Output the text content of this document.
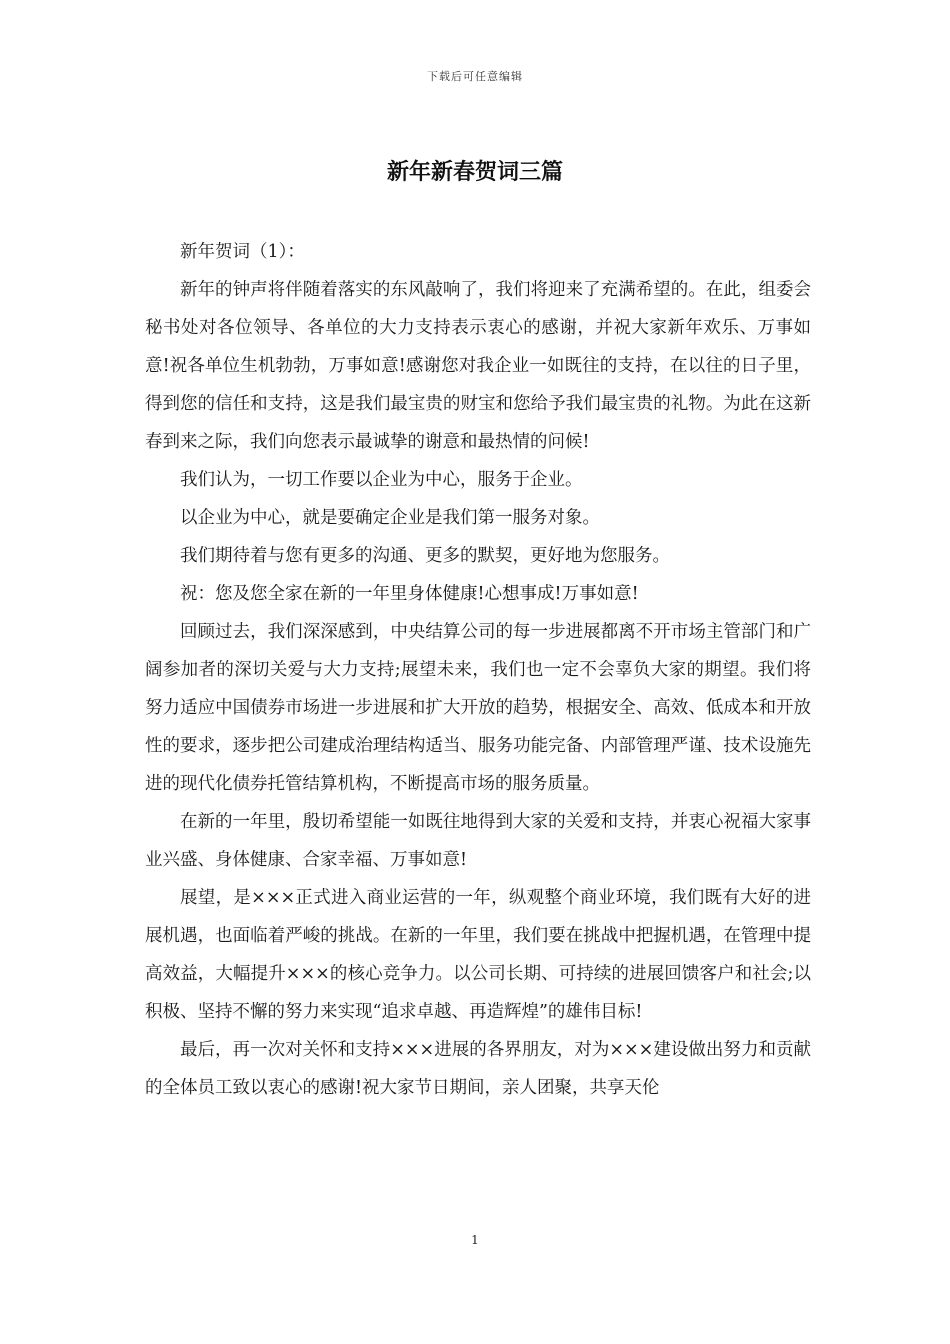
下载后可任意编辑
新年新春贺词三篇

新年贺词（1）：

新年的钟声将伴随着落实的东风敲响了，我们将迎来了充满希望的。在此，组委会秘书处对各位领导、各单位的大力支持表示衷心的感谢，并祝大家新年欢乐、万事如意!祝各单位生机勃勃，万事如意!感谢您对我企业一如既往的支持，在以往的日子里，得到您的信任和支持，这是我们最宝贵的财宝和您给予我们最宝贵的礼物。为此在这新春到来之际，我们向您表示最诚挚的谢意和最热情的问候!

我们认为，一切工作要以企业为中心，服务于企业。

以企业为中心，就是要确定企业是我们第一服务对象。

我们期待着与您有更多的沟通、更多的默契，更好地为您服务。

祝：您及您全家在新的一年里身体健康!心想事成!万事如意!

回顾过去，我们深深感到，中央结算公司的每一步进展都离不开市场主管部门和广阔参加者的深切关爱与大力支持;展望未来，我们也一定不会辜负大家的期望。我们将努力适应中国债券市场进一步进展和扩大开放的趋势，根据安全、高效、低成本和开放性的要求，逐步把公司建成治理结构适当、服务功能完备、内部管理严谨、技术设施先进的现代化债券托管结算机构，不断提高市场的服务质量。

在新的一年里，殷切希望能一如既往地得到大家的关爱和支持，并衷心祝福大家事业兴盛、身体健康、合家幸福、万事如意!

展望，是×××正式进入商业运营的一年，纵观整个商业环境，我们既有大好的进展机遇，也面临着严峻的挑战。在新的一年里，我们要在挑战中把握机遇，在管理中提高效益，大幅提升×××的核心竞争力。以公司长期、可持续的进展回馈客户和社会;以积极、坚持不懈的努力来实现“追求卓越、再造辉煌”的雄伟目标!

最后，再一次对关怀和支持×××进展的各界朋友，对为×××建设做出努力和贡献的全体员工致以衷心的感谢!祝大家节日期间，亲人团聚，共享天伦

1
